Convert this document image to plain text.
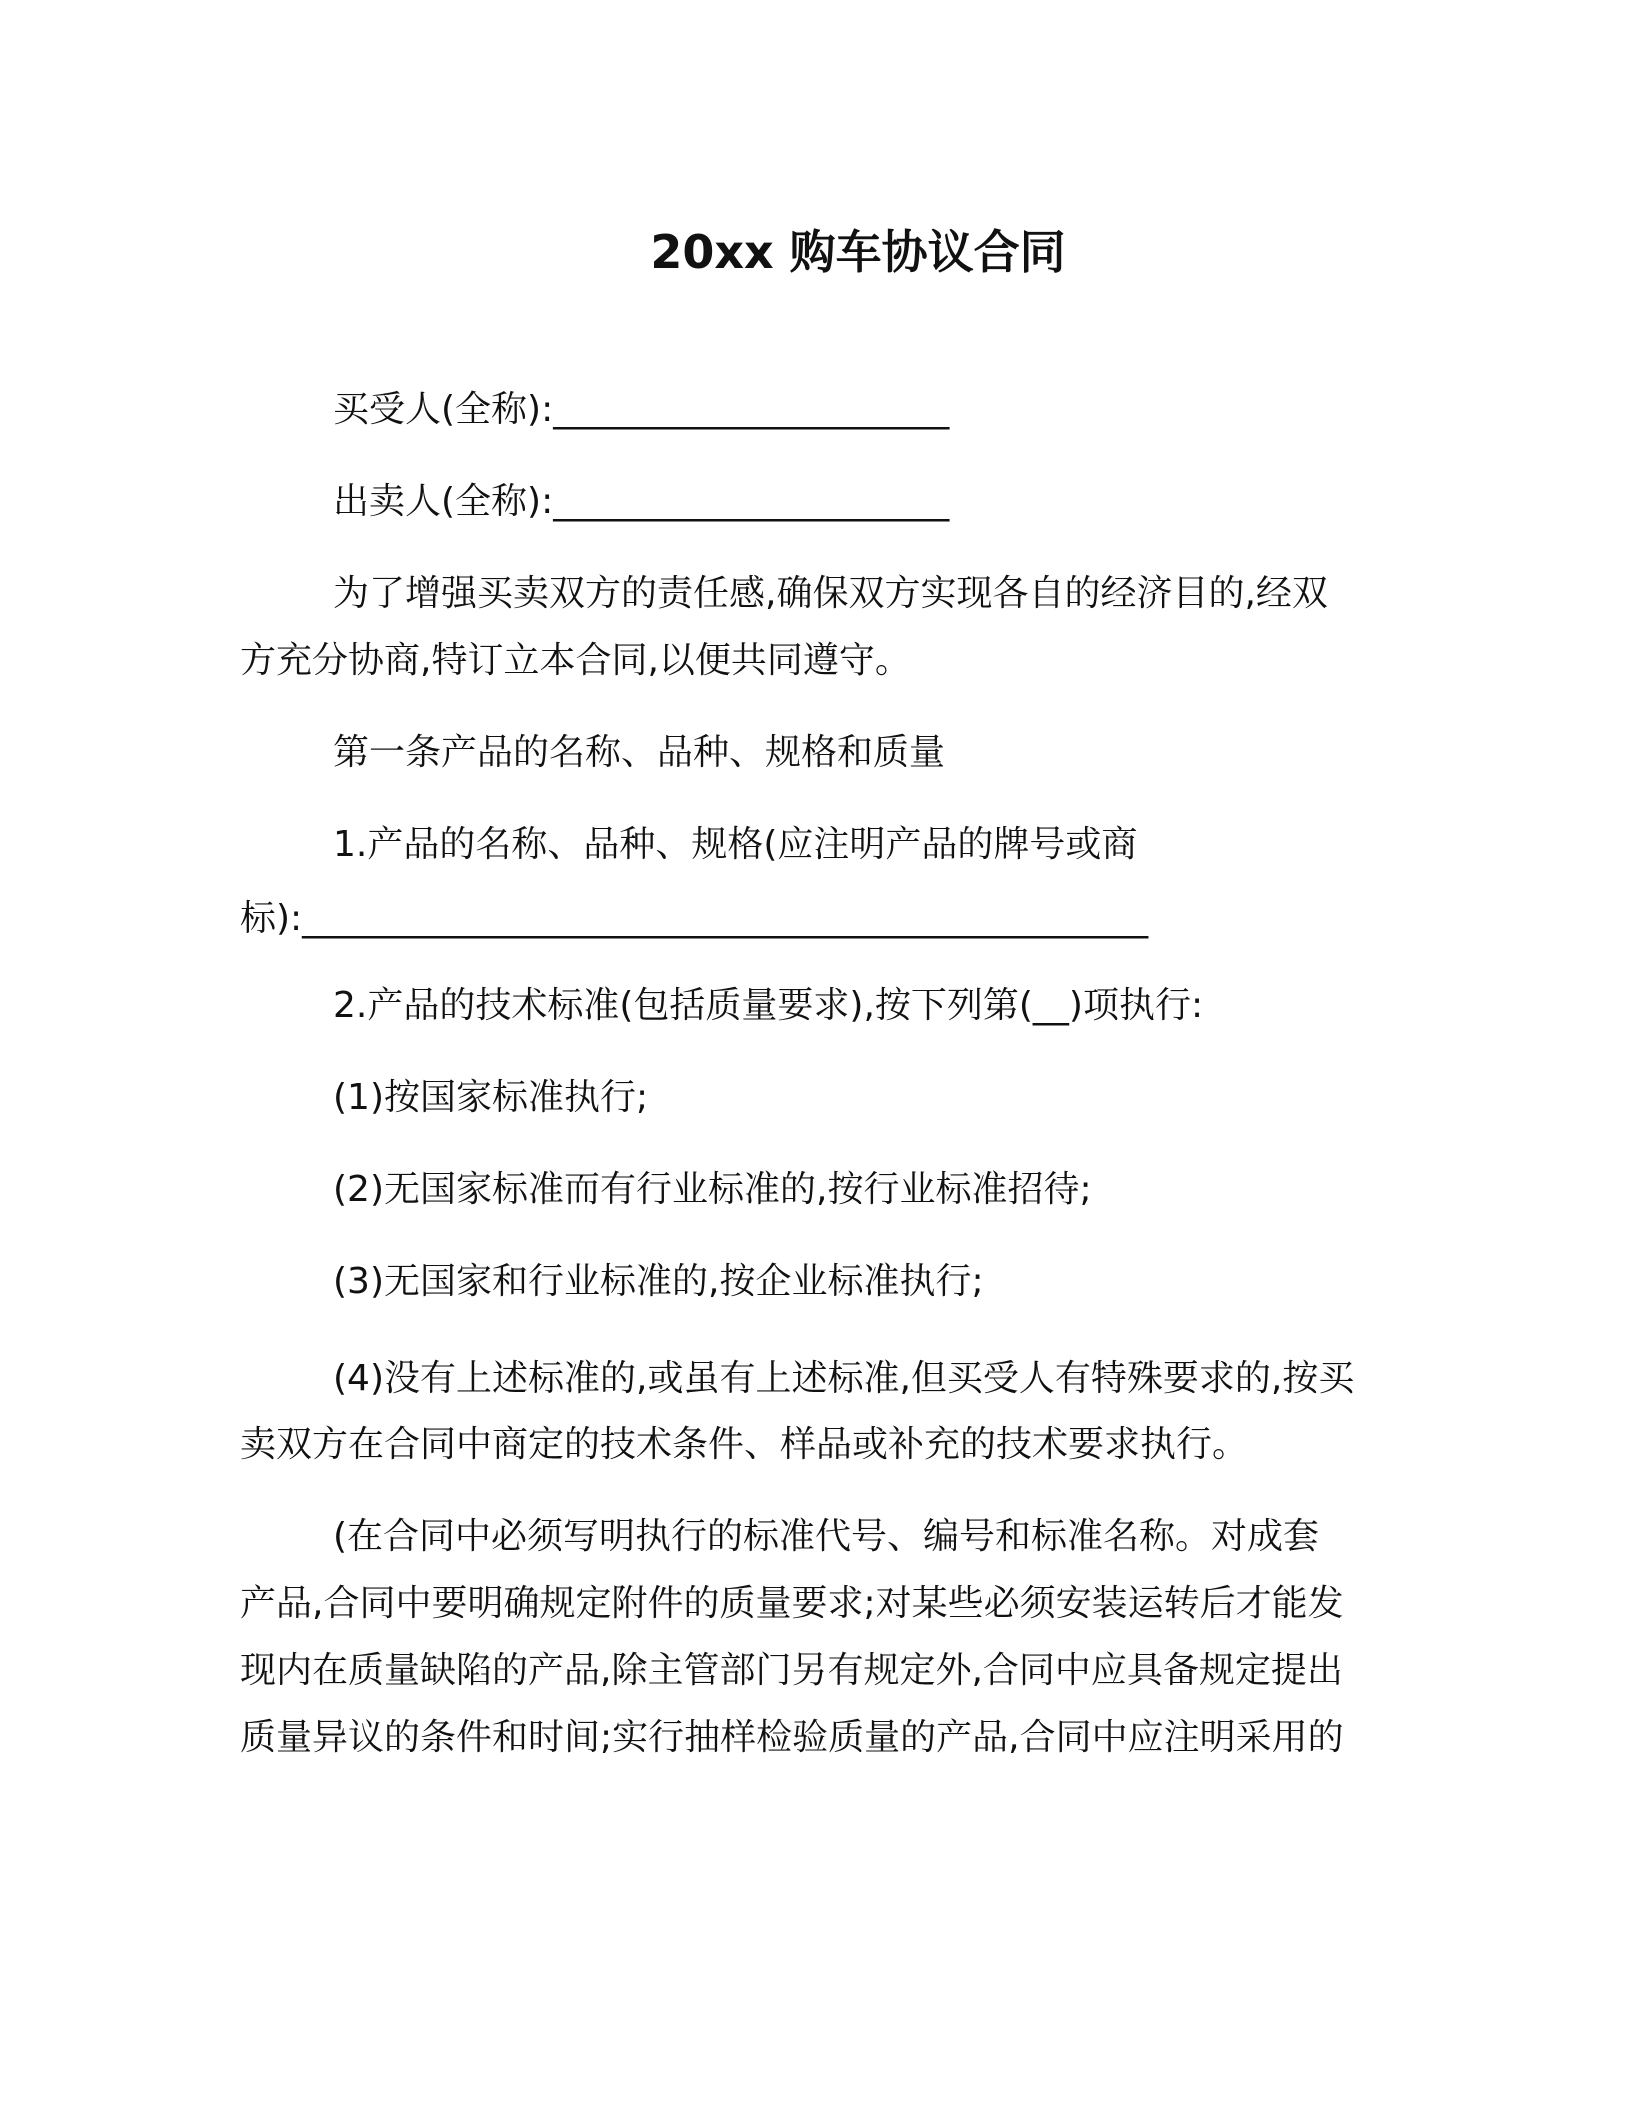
20xx 购车协议合同
买受人(全称):______________________
出卖人(全称):______________________
为了增强买卖双方的责任感,确保双方实现各自的经济目的,经双
方充分协商,特订立本合同,以便共同遵守。
第一条产品的名称、品种、规格和质量
1.产品的名称、品种、规格(应注明产品的牌号或商
标):_______________________________________________
2.产品的技术标准(包括质量要求),按下列第(__)项执行:
(1)按国家标准执行;
(2)无国家标准而有行业标准的,按行业标准招待;
(3)无国家和行业标准的,按企业标准执行;
(4)没有上述标准的,或虽有上述标准,但买受人有特殊要求的,按买
卖双方在合同中商定的技术条件、样品或补充的技术要求执行。
(在合同中必须写明执行的标准代号、编号和标准名称。对成套
产品,合同中要明确规定附件的质量要求;对某些必须安装运转后才能发
现内在质量缺陷的产品,除主管部门另有规定外,合同中应具备规定提出
质量异议的条件和时间;实行抽样检验质量的产品,合同中应注明采用的
